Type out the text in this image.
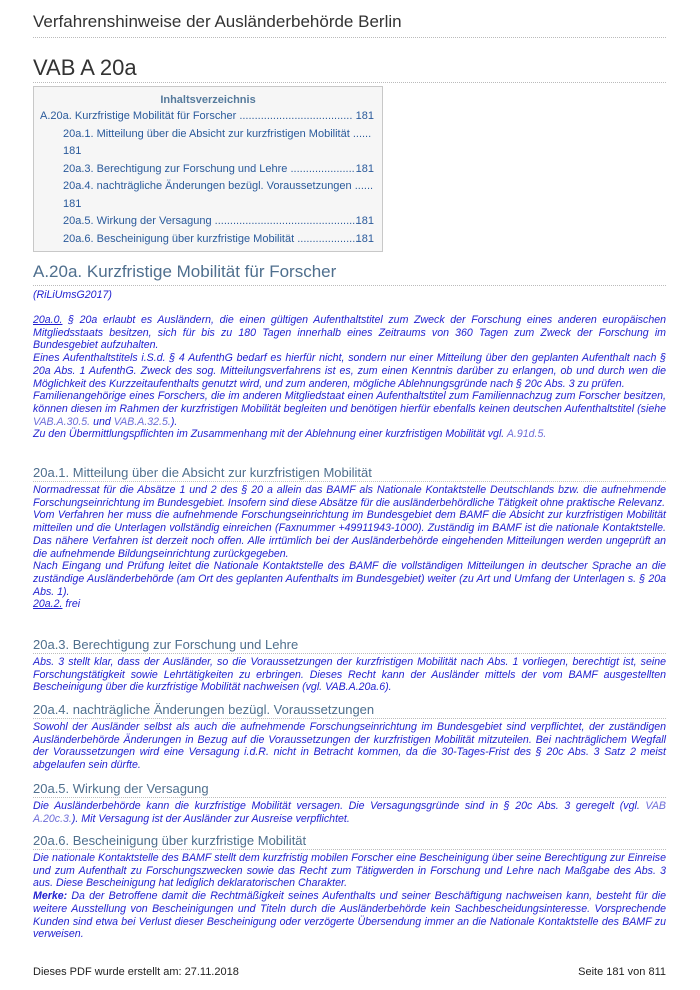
Verfahrenshinweise der Ausländerbehörde Berlin
VAB A 20a
Inhaltsverzeichnis
A.20a. Kurzfristige Mobilität für Forscher ..................................... 181
20a.1. Mitteilung über die Absicht zur kurzfristigen Mobilität ......
181
20a.3. Berechtigung zur Forschung und Lehre ..................... 181
20a.4. nachträgliche Änderungen bezügl. Voraussetzungen ......
181
20a.5. Wirkung der Versagung ...............................................
181
20a.6. Bescheinigung über kurzfristige Mobilität ....................
181
A.20a. Kurzfristige Mobilität für Forscher
(RiLiUmsG2017)

20a.0. § 20a erlaubt es Ausländern, die einen gültigen Aufenthaltstitel zum Zweck der Forschung eines anderen europäischen Mitgliedsstaats besitzen, sich für bis zu 180 Tagen innerhalb eines Zeitraums von 360 Tagen zum Zweck der Forschung im Bundesgebiet aufzuhalten.

Eines Aufenthaltstitels i.S.d. § 4 AufenthG bedarf es hierfür nicht, sondern nur einer Mitteilung über den geplanten Aufenthalt nach § 20a Abs. 1 AufenthG. Zweck des sog. Mitteilungsverfahrens ist es, zum einen Kenntnis darüber zu erlangen, ob und durch wen die Möglichkeit des Kurzzeitaufenthalts genutzt wird, und zum anderen, mögliche Ablehnungsgründe nach § 20c Abs. 3 zu prüfen.

Familienangehörige eines Forschers, die im anderen Mitgliedstaat einen Aufenthaltstitel zum Familiennachzug zum Forscher besitzen, können diesen im Rahmen der kurzfristigen Mobilität begleiten und benötigen hierfür ebenfalls keinen deutschen Aufenthaltstitel (siehe VAB.A.30.5. und VAB.A.32.5.).

Zu den Übermittlungspflichten im Zusammenhang mit der Ablehnung einer kurzfristigen Mobilität vgl. A.91d.5.

20a.1. Mitteilung über die Absicht zur kurzfristigen Mobilität

Normadressat für die Absätze 1 und 2 des § 20 a allein das BAMF als Nationale Kontaktstelle Deutschlands bzw. die aufnehmende Forschungseinrichtung im Bundesgebiet. Insofern sind diese Absätze für die ausländerbehördliche Tätigkeit ohne praktische Relevanz.

Vom Verfahren her muss die aufnehmende Forschungseinrichtung im Bundesgebiet dem BAMF die Absicht zur kurzfristigen Mobilität mitteilen und die Unterlagen vollständig einreichen (Faxnummer +49911943-1000). Zuständig im BAMF ist die nationale Kontaktstelle. Das nähere Verfahren ist derzeit noch offen. Alle irrtümlich bei der Ausländerbehörde eingehenden Mitteilungen werden ungeprüft an die aufnehmende Bildungseinrichtung zurückgegeben.

Nach Eingang und Prüfung leitet die Nationale Kontaktstelle des BAMF die vollständigen Mitteilungen in deutscher Sprache an die zuständige Ausländerbehörde (am Ort des geplanten Aufenthalts im Bundesgebiet) weiter (zu Art und Umfang der Unterlagen s. § 20a Abs. 1).

20a.2. frei

20a.3. Berechtigung zur Forschung und Lehre

Abs. 3 stellt klar, dass der Ausländer, so die Voraussetzungen der kurzfristigen Mobilität nach Abs. 1 vorliegen, berechtigt ist, seine Forschungstätigkeit sowie Lehrtätigkeiten zu erbringen. Dieses Recht kann der Ausländer mittels der vom BAMF ausgestellten Bescheinigung über die kurzfristige Mobilität nachweisen (vgl. VAB.A.20a.6).

20a.4. nachträgliche Änderungen bezügl. Voraussetzungen

Sowohl der Ausländer selbst als auch die aufnehmende Forschungseinrichtung im Bundesgebiet sind verpflichtet, der zuständigen Ausländerbehörde Änderungen in Bezug auf die Voraussetzungen der kurzfristigen Mobilität mitzuteilen. Bei nachträglichem Wegfall der Voraussetzungen wird eine Versagung i.d.R. nicht in Betracht kommen, da die 30-Tages-Frist des § 20c Abs. 3 Satz 2 meist abgelaufen sein dürfte.

20a.5. Wirkung der Versagung

Die Ausländerbehörde kann die kurzfristige Mobilität versagen. Die Versagungsgründe sind in § 20c Abs. 3 geregelt (vgl. VAB A.20c.3.). Mit Versagung ist der Ausländer zur Ausreise verpflichtet.

20a.6. Bescheinigung über kurzfristige Mobilität

Die nationale Kontaktstelle des BAMF stellt dem kurzfristig mobilen Forscher eine Bescheinigung über seine Berechtigung zur Einreise und zum Aufenthalt zu Forschungszwecken sowie das Recht zum Tätigwerden in Forschung und Lehre nach Maßgabe des Abs. 3 aus. Diese Bescheinigung hat lediglich deklaratorischen Charakter.

Merke: Da der Betroffene damit die Rechtmäßigkeit seines Aufenthalts und seiner Beschäftigung nachweisen kann, besteht für die weitere Ausstellung von Bescheinigungen und Titeln durch die Ausländerbehörde kein Sachbescheidungsinteresse. Vorsprechende Kunden sind etwa bei Verlust dieser Bescheinigung oder verzögerte Übersendung immer an die Nationale Kontaktstelle des BAMF zu verweisen.

Dieses PDF wurde erstellt am: 27.11.2018	Seite 181 von 811
